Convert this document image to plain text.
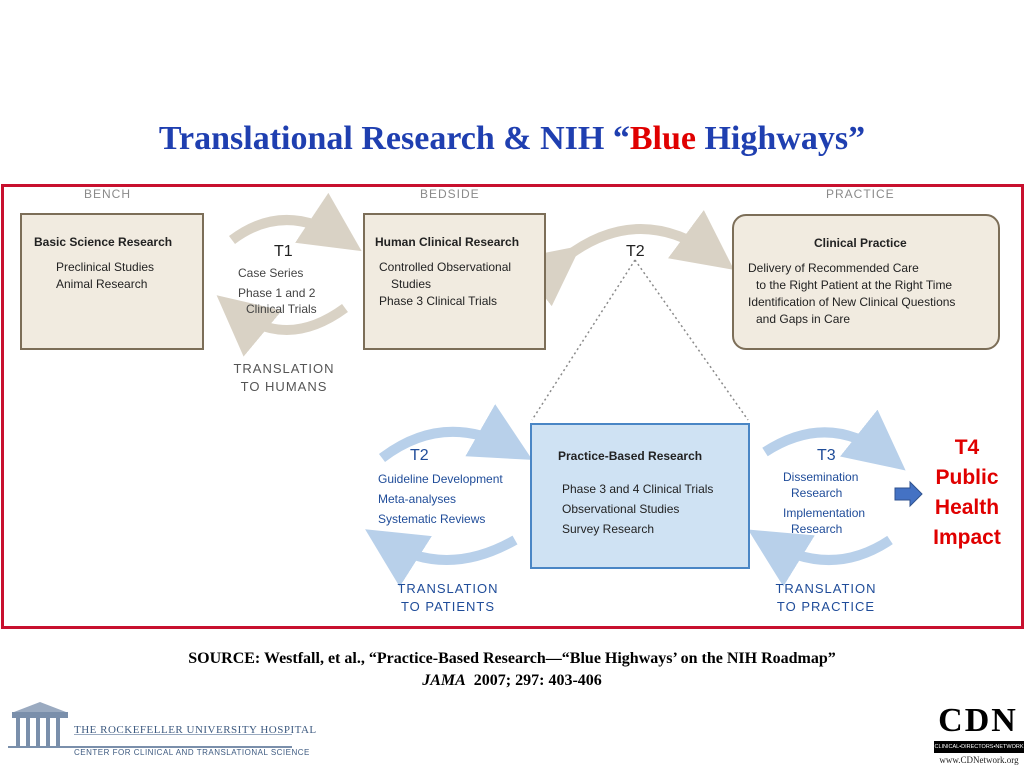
Translational Research & NIH “Blue Highways”
BENCH	BEDSIDE	PRACTICE
Basic Science Research
Preclinical Studies
Animal Research
Human Clinical Research
Controlled Observational
Studies
Phase 3 Clinical Trials
Clinical Practice
Delivery of Recommended Care
to the Right Patient at the Right Time
Identification of New Clinical Questions
and Gaps in Care
Practice-Based Research
Phase 3 and 4 Clinical Trials
Observational Studies
Survey Research
T1
Case Series
Phase 1 and 2
Clinical Trials
T2
T2
Guideline Development
Meta-analyses
Systematic Reviews
T3
Dissemination
Research
Implementation
Research
TRANSLATION
TO HUMANS
TRANSLATION
TO PATIENTS
TRANSLATION
TO PRACTICE
T4
Public
Health
Impact
SOURCE: Westfall, et al., “Practice-Based Research—“Blue Highways’ on the NIH Roadmap”
JAMA  2007; 297: 403-406
THE ROCKEFELLER UNIVERSITY HOSPITAL
CENTER FOR CLINICAL AND TRANSLATIONAL SCIENCE
CDN
CLINICAL•DIRECTORS•NETWORK
www.CDNetwork.org
